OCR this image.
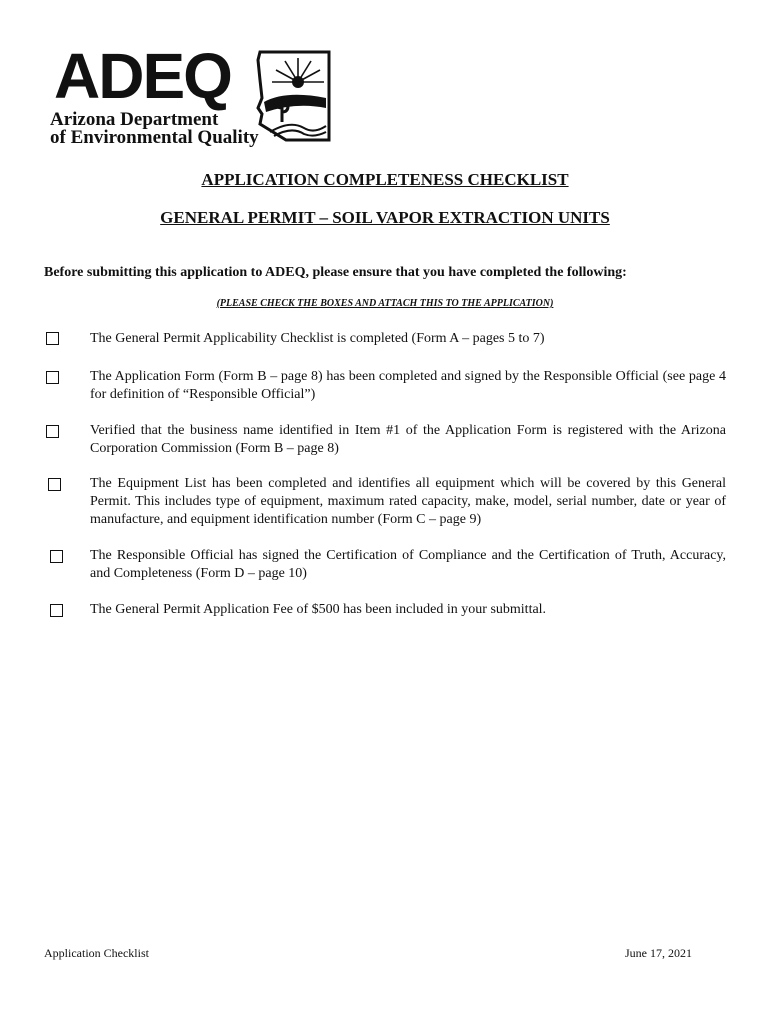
ADEQ
Arizona Department
of Environmental Quality
APPLICATION COMPLETENESS CHECKLIST
GENERAL PERMIT – SOIL VAPOR EXTRACTION UNITS
Before submitting this application to ADEQ, please ensure that you have completed the following:
(PLEASE CHECK THE BOXES AND ATTACH THIS TO THE APPLICATION)
The General Permit Applicability Checklist is completed (Form A – pages 5 to 7)
The Application Form (Form B – page 8) has been completed and signed by the Responsible Official (see page 4 for definition of “Responsible Official”)
Verified that the business name identified in Item #1 of the Application Form is registered with the Arizona Corporation Commission (Form B – page 8)
The Equipment List has been completed and identifies all equipment which will be covered by this General Permit. This includes type of equipment, maximum rated capacity, make, model, serial number, date or year of manufacture, and equipment identification number (Form C – page 9)
The Responsible Official has signed the Certification of Compliance and the Certification of Truth, Accuracy, and Completeness (Form D – page 10)
The General Permit Application Fee of $500 has been included in your submittal.
Application Checklist	June 17, 2021
